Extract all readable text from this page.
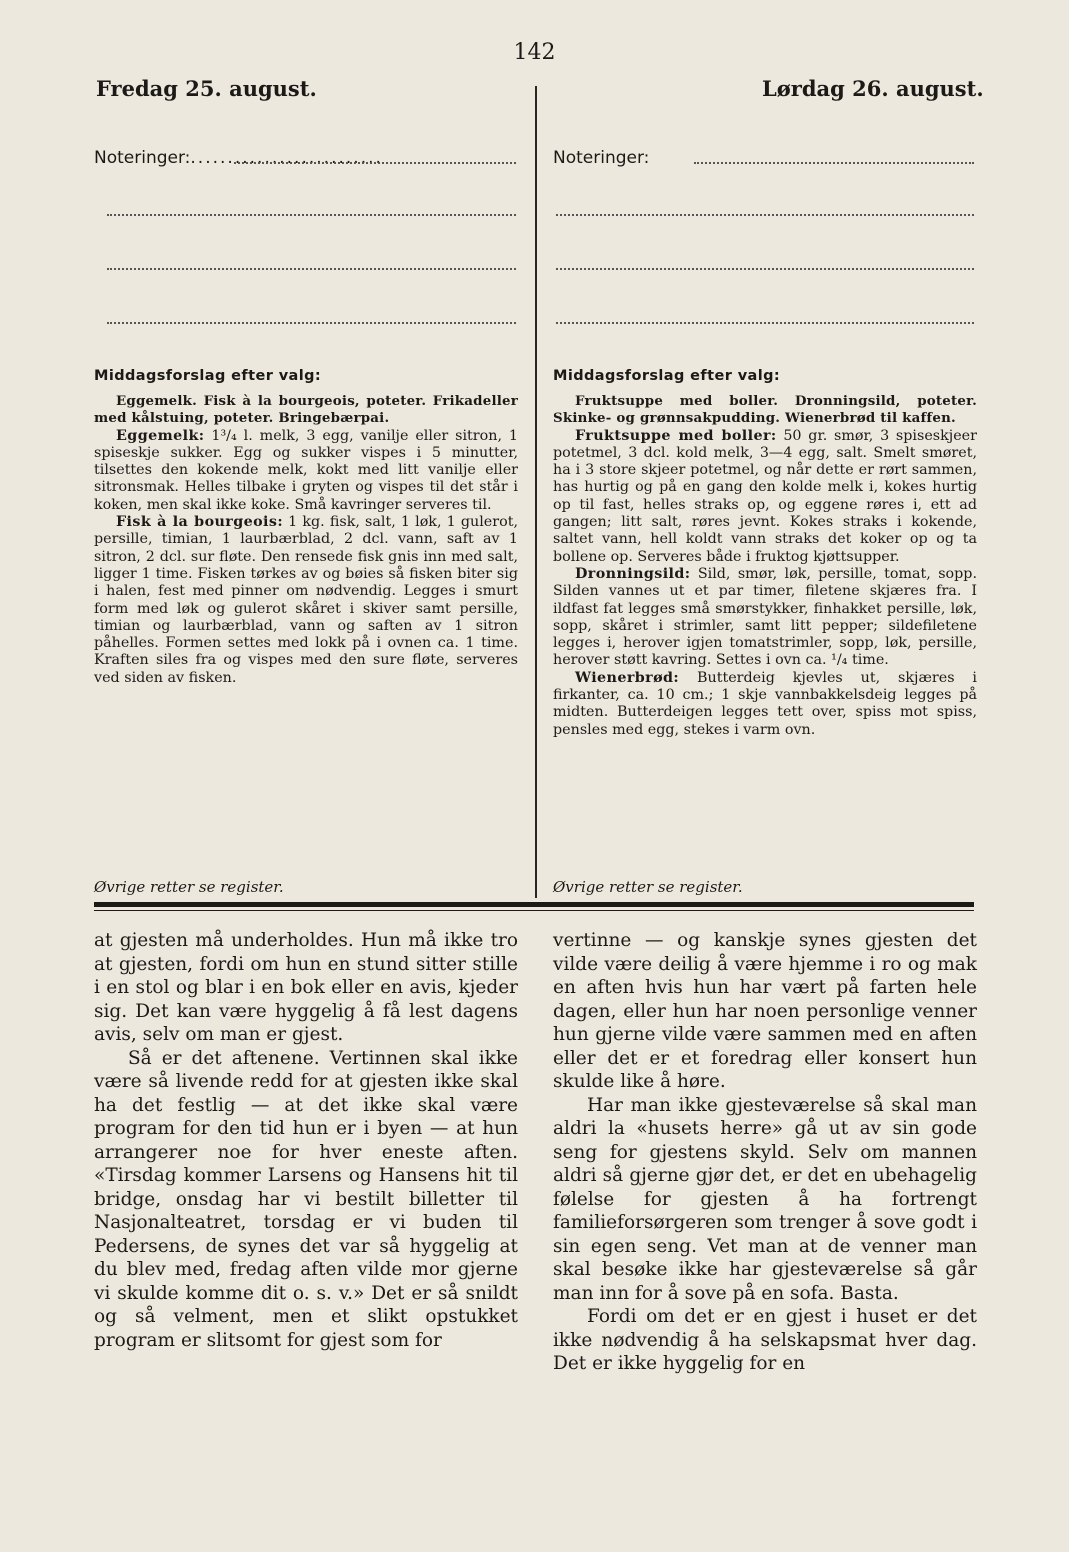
142
Fredag 25. august.	Lørdag 26. august.
Noteringer:..........................	Noteringer:
Middagsforslag efter valg:

Eggemelk. Fisk à la bourgeois, poteter. Frikadeller med kålstuing, poteter. Bringebærpai.

Eggemelk: 1³/₄ l. melk, 3 egg, vanilje eller sitron, 1 spiseskje sukker. Egg og sukker vispes i 5 minutter, tilsettes den kokende melk, kokt med litt vanilje eller sitronsmak. Helles tilbake i gryten og vispes til det står i koken, men skal ikke koke. Små kavringer serveres til.

Fisk à la bourgeois: 1 kg. fisk, salt, 1 løk, 1 gulerot, persille, timian, 1 laurbærblad, 2 dcl. vann, saft av 1 sitron, 2 dcl. sur fløte. Den rensede fisk gnis inn med salt, ligger 1 time. Fisken tørkes av og bøies så fisken biter sig i halen, fest med pinner om nødvendig. Legges i smurt form med løk og gulerot skåret i skiver samt persille, timian og laurbærblad, vann og saften av 1 sitron påhelles. Formen settes med lokk på i ovnen ca. 1 time. Kraften siles fra og vispes med den sure fløte, serveres ved siden av fisken.

Øvrige retter se register.
Middagsforslag efter valg:

Fruktsuppe med boller. Dronningsild, poteter. Skinke- og grønnsakpudding. Wienerbrød til kaffen.

Fruktsuppe med boller: 50 gr. smør, 3 spiseskjeer potetmel, 3 dcl. kold melk, 3—4 egg, salt. Smelt smøret, ha i 3 store skjeer potetmel, og når dette er rørt sammen, has hurtig og på en gang den kolde melk i, kokes hurtig op til fast, helles straks op, og eggene røres i, ett ad gangen; litt salt, røres jevnt. Kokes straks i kokende, saltet vann, hell koldt vann straks det koker op og ta bollene op. Serveres både i fruktog kjøttsupper.

Dronningsild: Sild, smør, løk, persille, tomat, sopp. Silden vannes ut et par timer, filetene skjæres fra. I ildfast fat legges små smørstykker, finhakket persille, løk, sopp, skåret i strimler, samt litt pepper; sildefiletene legges i, herover igjen tomatstrimler, sopp, løk, persille, herover støtt kavring. Settes i ovn ca. ¹/₄ time.

Wienerbrød: Butterdeig kjevles ut, skjæres i firkanter, ca. 10 cm.; 1 skje vannbakkelsdeig legges på midten. Butterdeigen legges tett over, spiss mot spiss, pensles med egg, stekes i varm ovn.

Øvrige retter se register.

at gjesten må underholdes. Hun må ikke tro at gjesten, fordi om hun en stund sitter stille i en stol og blar i en bok eller en avis, kjeder sig. Det kan være hyggelig å få lest dagens avis, selv om man er gjest.

Så er det aftenene. Vertinnen skal ikke være så livende redd for at gjesten ikke skal ha det festlig — at det ikke skal være program for den tid hun er i byen — at hun arrangerer noe for hver eneste aften. «Tirsdag kommer Larsens og Hansens hit til bridge, onsdag har vi bestilt billetter til Nasjonalteatret, torsdag er vi buden til Pedersens, de synes det var så hyggelig at du blev med, fredag aften vilde mor gjerne vi skulde komme dit o. s. v.» Det er så snildt og så velment, men et slikt opstukket program er slitsomt for gjest som for

vertinne — og kanskje synes gjesten det vilde være deilig å være hjemme i ro og mak en aften hvis hun har vært på farten hele dagen, eller hun har noen personlige venner hun gjerne vilde være sammen med en aften eller det er et foredrag eller konsert hun skulde like å høre.

Har man ikke gjesteværelse så skal man aldri la «husets herre» gå ut av sin gode seng for gjestens skyld. Selv om mannen aldri så gjerne gjør det, er det en ubehagelig følelse for gjesten å ha fortrengt familieforsørgeren som trenger å sove godt i sin egen seng. Vet man at de venner man skal besøke ikke har gjesteværelse så går man inn for å sove på en sofa. Basta.

Fordi om det er en gjest i huset er det ikke nødvendig å ha selskapsmat hver dag. Det er ikke hyggelig for en
